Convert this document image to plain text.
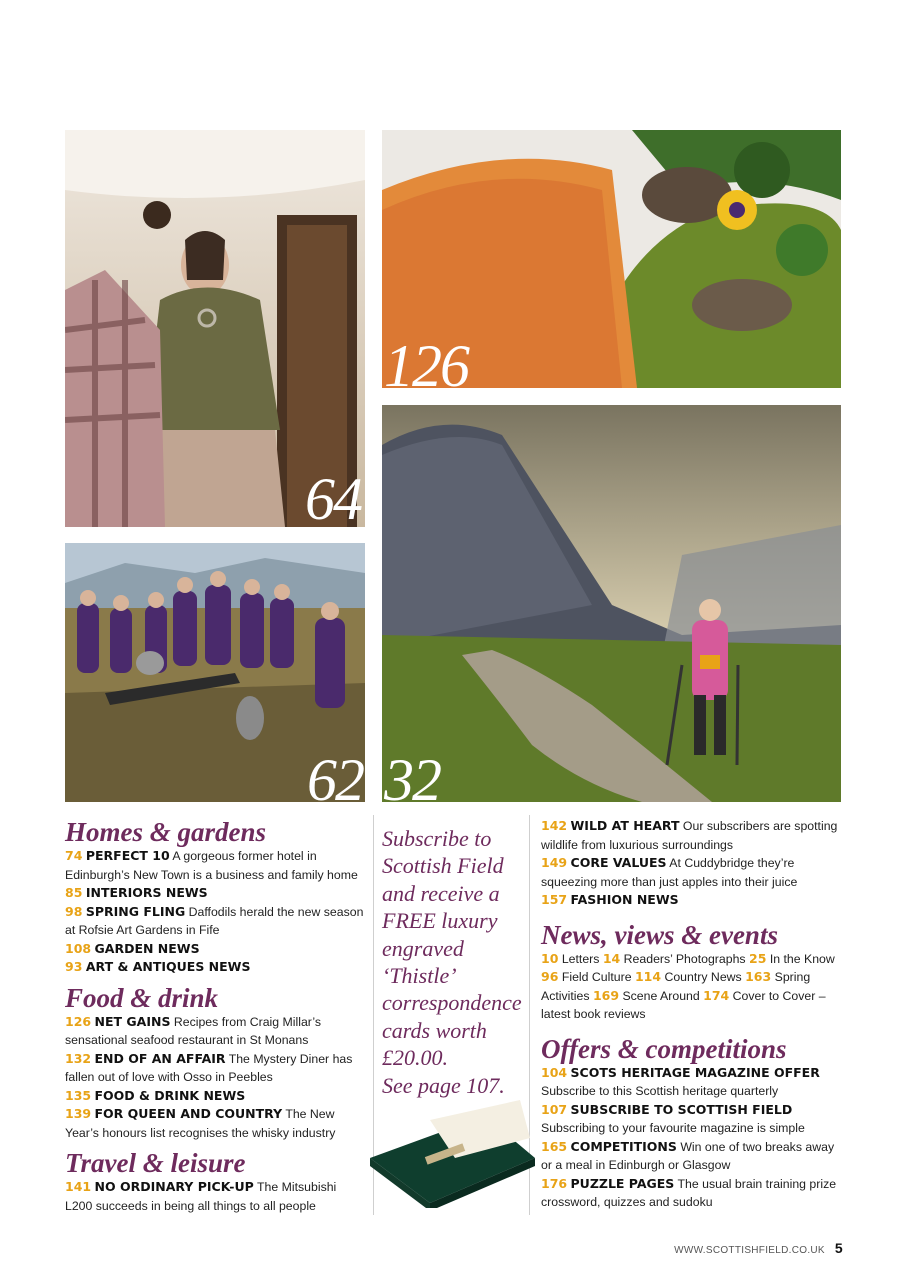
64
126
62 32
Homes & gardens

74 PERFECT 10 A gorgeous former hotel in Edinburgh’s New Town is a business and family home

85 INTERIORS NEWS

98 SPRING FLING Daffodils herald the new season at Rofsie Art Gardens in Fife

108 GARDEN NEWS

93 ART & ANTIQUES NEWS

Food & drink

126 NET GAINS Recipes from Craig Millar’s sensational seafood restaurant in St Monans

132 END OF AN AFFAIR The Mystery Diner has fallen out of love with Osso in Peebles

135 FOOD & DRINK NEWS

139 FOR QUEEN AND COUNTRY The New Year’s honours list recognises the whisky industry

Travel & leisure

141 NO ORDINARY PICK-UP The Mitsubishi L200 succeeds in being all things to all people

Subscribe to
Scottish Field
and receive a
FREE luxury
engraved
‘Thistle’
correspondence
cards worth
£20.00.
See page 107.

142 WILD AT HEART Our subscribers are spotting wildlife from luxurious surroundings

149 CORE VALUES At Cuddybridge they’re squeezing more than just apples into their juice

157 FASHION NEWS

News, views & events

10 Letters 14 Readers’ Photographs 25 In the Know 96 Field Culture 114 Country News 163 Spring Activities 169 Scene Around 174 Cover to Cover – latest book reviews

Offers & competitions

104 SCOTS HERITAGE MAGAZINE OFFER Subscribe to this Scottish heritage quarterly

107 SUBSCRIBE TO SCOTTISH FIELD Subscribing to your favourite magazine is simple

165 COMPETITIONS Win one of two breaks away or a meal in Edinburgh or Glasgow

176 PUZZLE PAGES The usual brain training prize crossword, quizzes and sudoku

WWW.SCOTTISHFIELD.CO.UK 5
